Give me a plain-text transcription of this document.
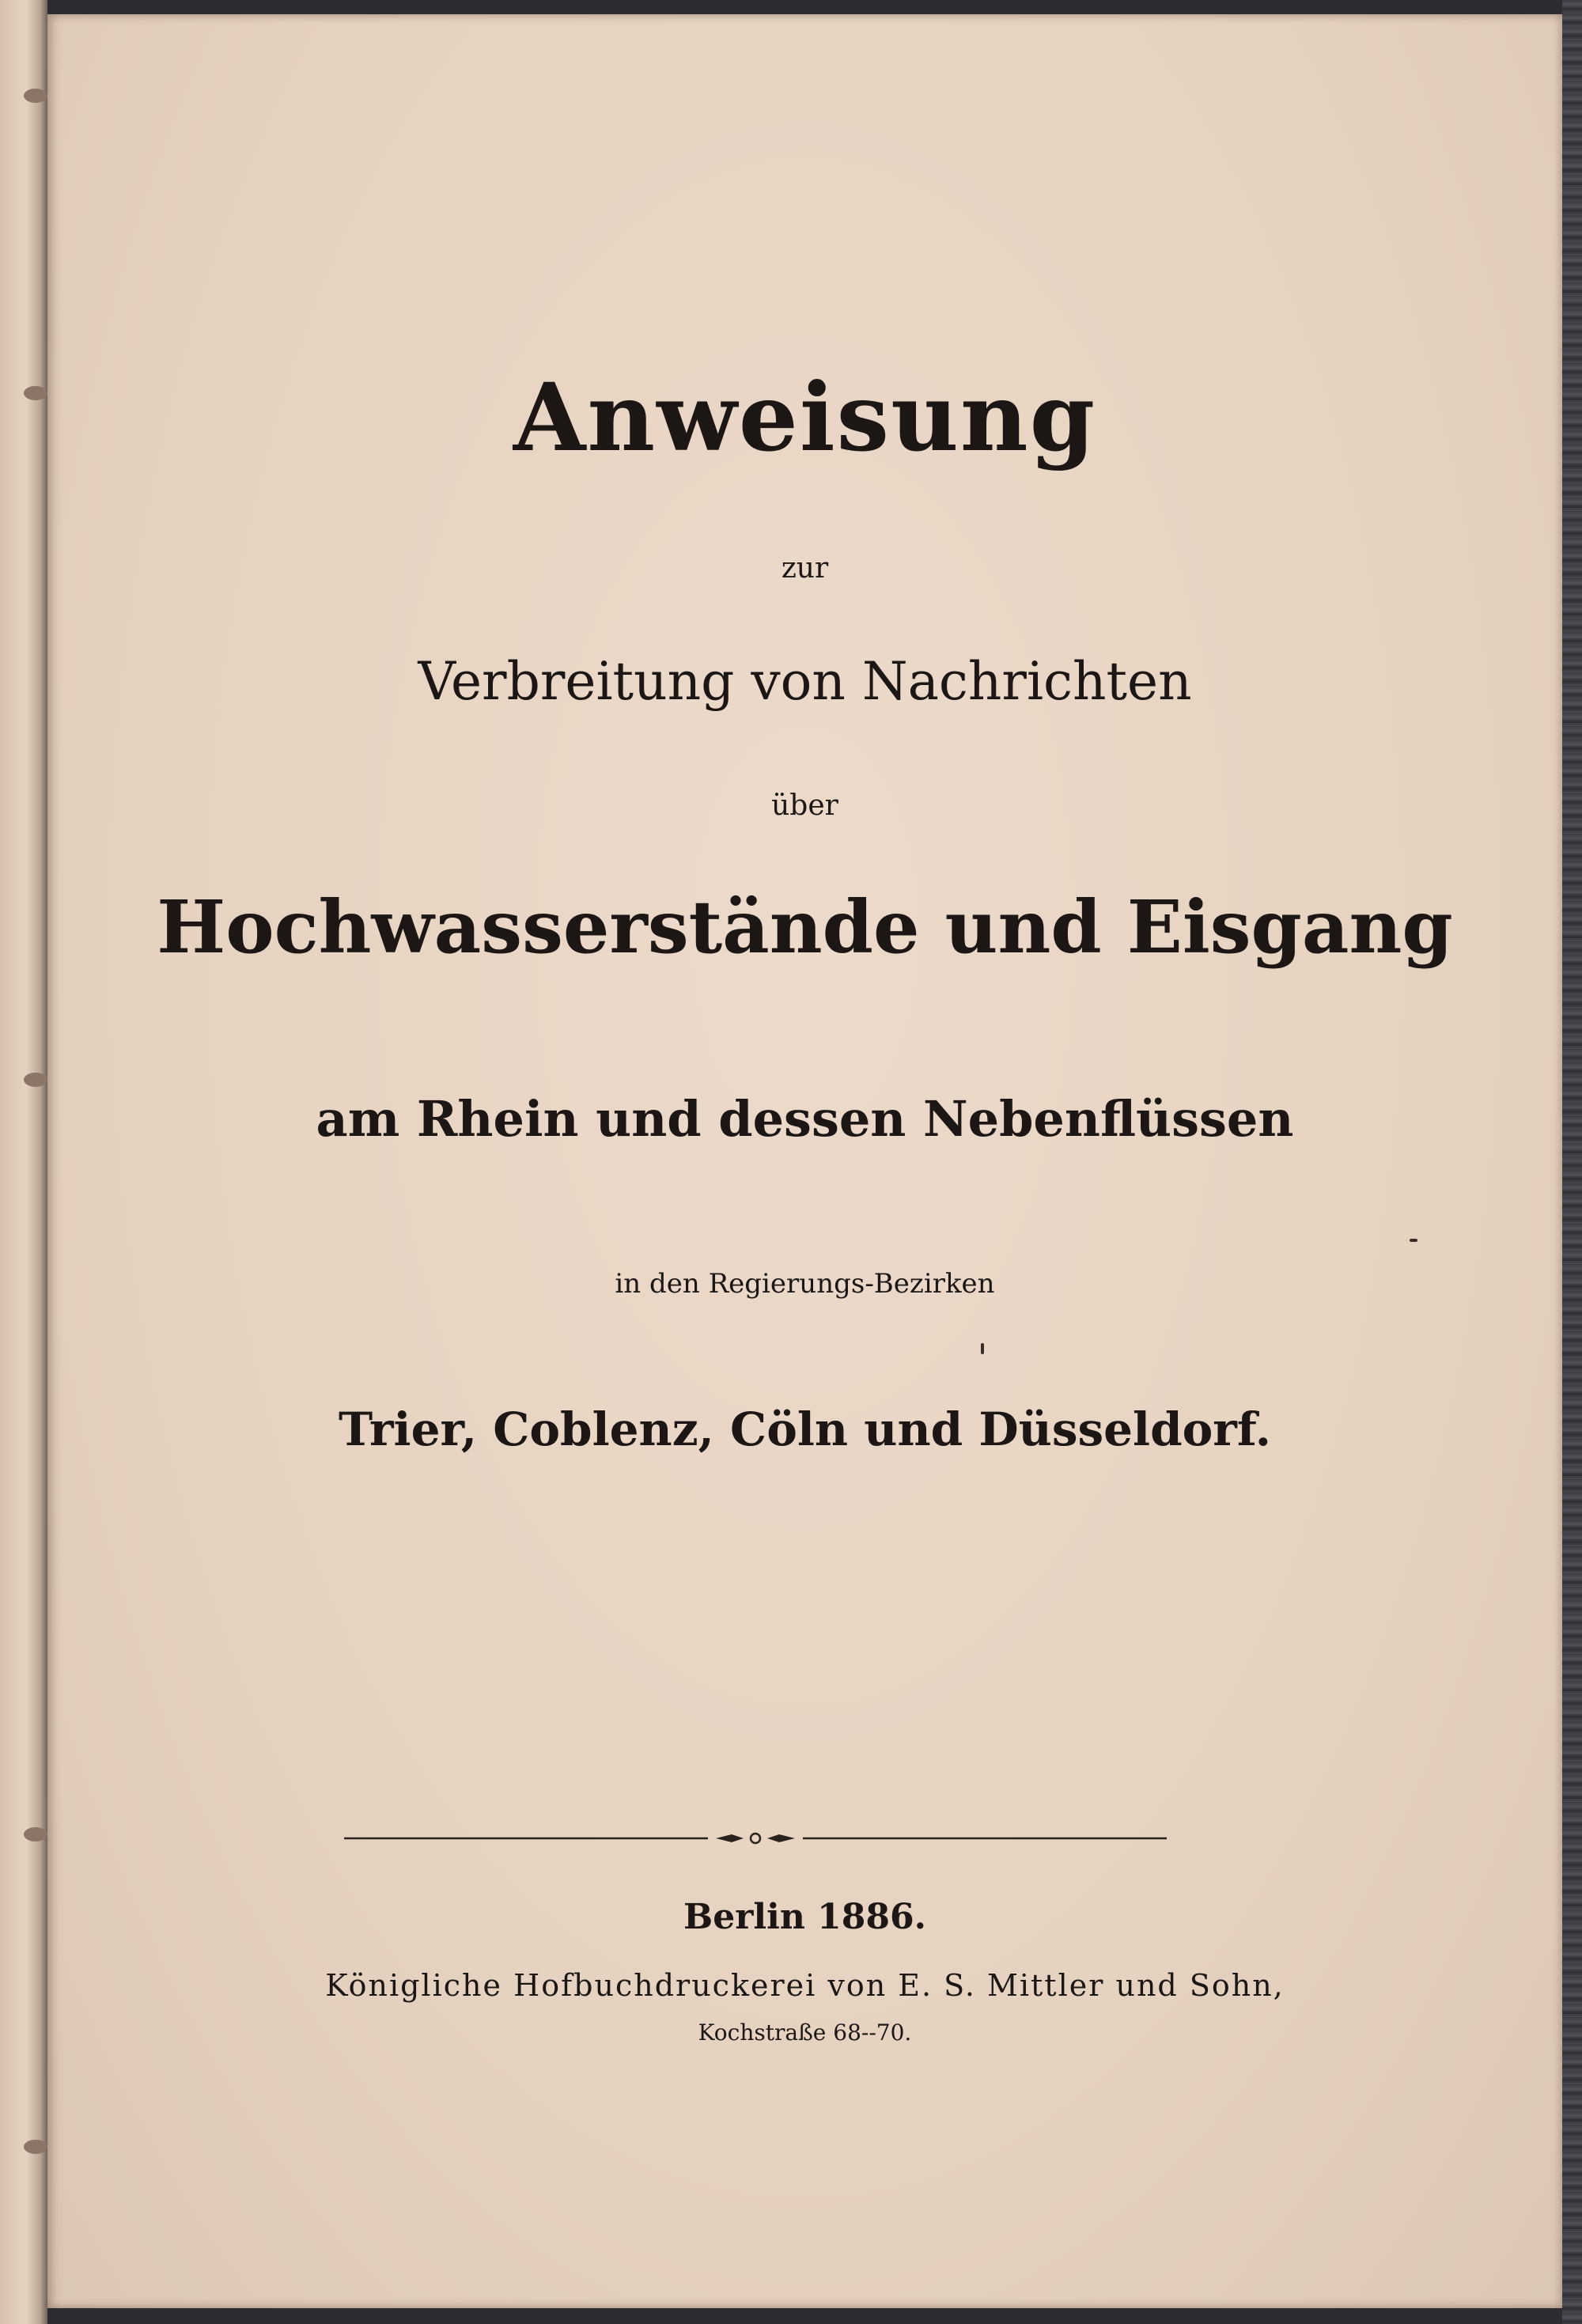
Anweisung
zur
Verbreitung von Nachrichten
über
Hochwasserstände und Eisgang
am Rhein und dessen Nebenflüssen
in den Regierungs-Bezirken
Trier, Coblenz, Cöln und Düsseldorf.
Berlin 1886.
Königliche Hofbuchdruckerei von E. S. Mittler und Sohn,
Kochstraße 68--70.
